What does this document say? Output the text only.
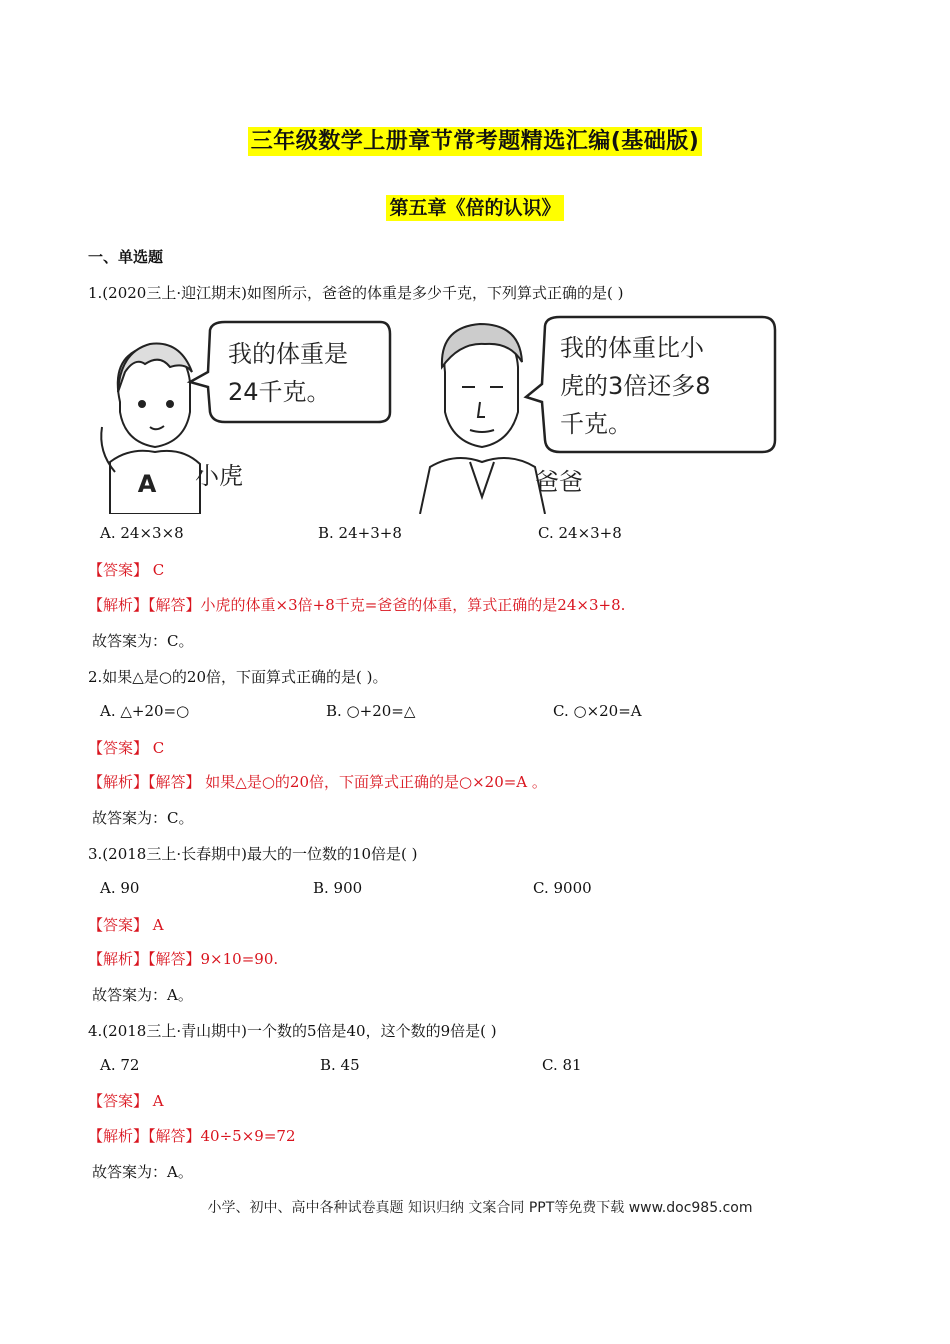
三年级数学上册章节常考题精选汇编(基础版)
第五章《倍的认识》
一、单选题
1.(2020三上·迎江期末)如图所示，爸爸的体重是多少千克，下列算式正确的是( )
A 小虎
我的体重是
24千克。
爸爸
我的体重比小
虎的3倍还多8
千克。
A. 24×3×8	B. 24+3+8	C. 24×3+8
【答案】 C
【解析】【解答】小虎的体重×3倍+8千克=爸爸的体重，算式正确的是24×3+8.
故答案为：C。
2.如果△是○的20倍，下面算式正确的是( )。
A. △+20=○	B. ○+20=△	C. ○×20=A
【答案】 C
【解析】【解答】 如果△是○的20倍，下面算式正确的是○×20=A 。
故答案为：C。
3.(2018三上·长春期中)最大的一位数的10倍是( )
A. 90	B. 900	C. 9000
【答案】 A
【解析】【解答】9×10=90.
故答案为：A。
4.(2018三上·青山期中)一个数的5倍是40，这个数的9倍是( )
A. 72	B. 45	C. 81
【答案】 A
【解析】【解答】40÷5×9=72
故答案为：A。
小学、初中、高中各种试卷真题 知识归纳 文案合同 PPT等免费下载 www.doc985.com
